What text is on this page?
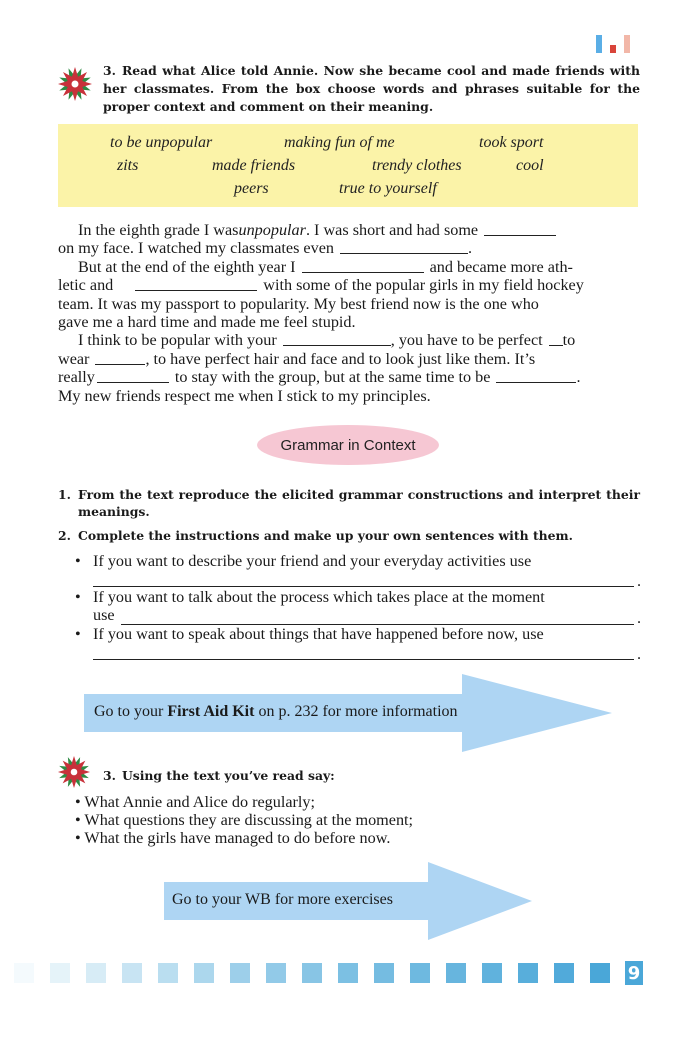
3. Read what Alice told Annie. Now she became cool and made friends with her classmates. From the box choose words and phrases suitable for the proper context and comment on their meaning.
to be unpopular	making fun of me	took sport
zits	made friends	trendy clothes	cool
peers	true to yourself
In the eighth grade I was unpopular . I was short and had some
on my face. I watched my classmates even	.
But at the end of the eighth year I	and became more ath-
letic and	with some of the popular girls in my field hockey
team. It was my passport to popularity. My best friend now is the one who
gave me a hard time and made me feel stupid.
I think to be popular with your	, you have to be perfect to
wear	, to have perfect hair and face and to look just like them. It’s
really	to stay with the group, but at the same time to be	.
My new friends respect me when I stick to my principles.
Grammar in Context
1. From the text reproduce the elicited grammar constructions and interpret their meanings.
2. Complete the instructions and make up your own sentences with them.
• If you want to describe your friend and your everyday activities use
.
• If you want to talk about the process which takes place at the moment
use	.
• If you want to speak about things that have happened before now, use
.
Go to your First Aid Kit on p. 232 for more information
3. Using the text you’ve read say:
• What Annie and Alice do regularly;
• What questions they are discussing at the moment;
• What the girls have managed to do before now.
Go to your WB for more exercises
9
